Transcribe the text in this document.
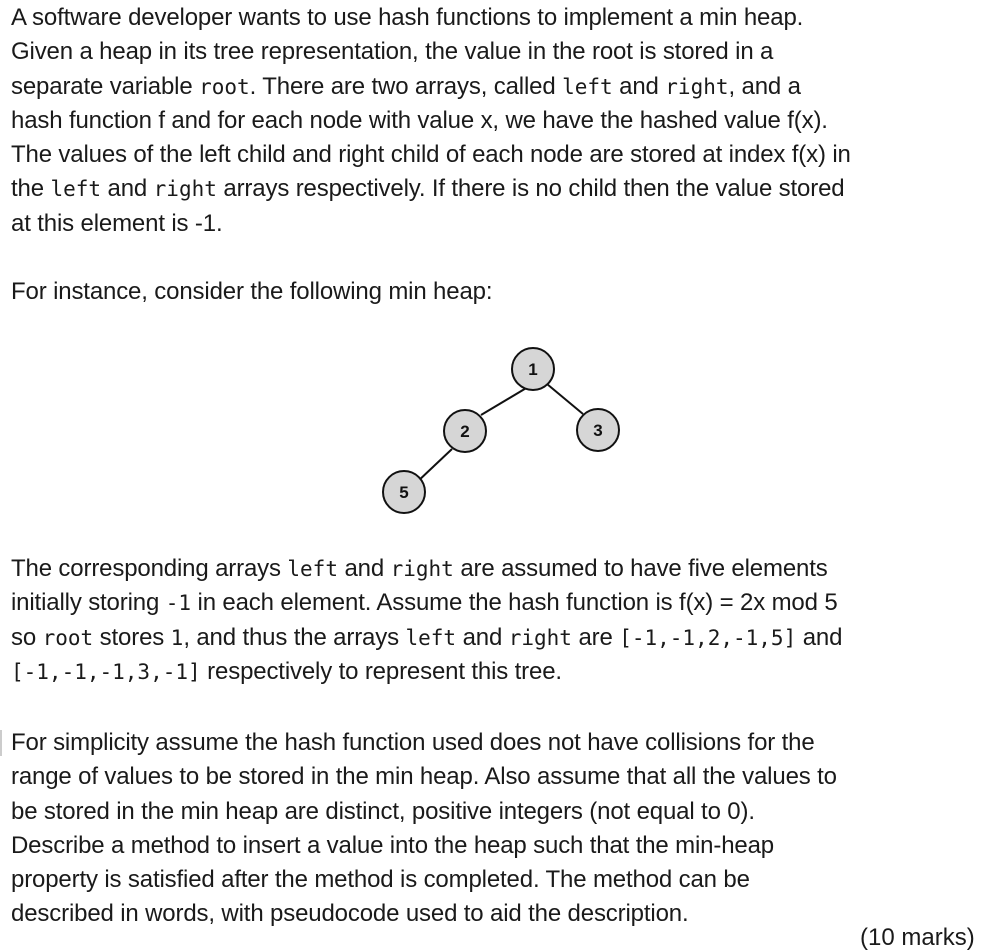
A software developer wants to use hash functions to implement a min heap.
Given a heap in its tree representation, the value in the root is stored in a
separate variable root. There are two arrays, called left and right, and a
hash function f and for each node with value x, we have the hashed value f(x).
The values of the left child and right child of each node are stored at index f(x) in
the left and right arrays respectively. If there is no child then the value stored
at this element is -1.
For instance, consider the following min heap:
1
2	3
5
The corresponding arrays left and right are assumed to have five elements
initially storing -1 in each element. Assume the hash function is f(x) = 2x mod 5
so root stores 1, and thus the arrays left and right are [-1,-1,2,-1,5] and
[-1,-1,-1,3,-1] respectively to represent this tree.
For simplicity assume the hash function used does not have collisions for the
range of values to be stored in the min heap. Also assume that all the values to
be stored in the min heap are distinct, positive integers (not equal to 0).
Describe a method to insert a value into the heap such that the min-heap
property is satisfied after the method is completed. The method can be
described in words, with pseudocode used to aid the description.
(10 marks)
